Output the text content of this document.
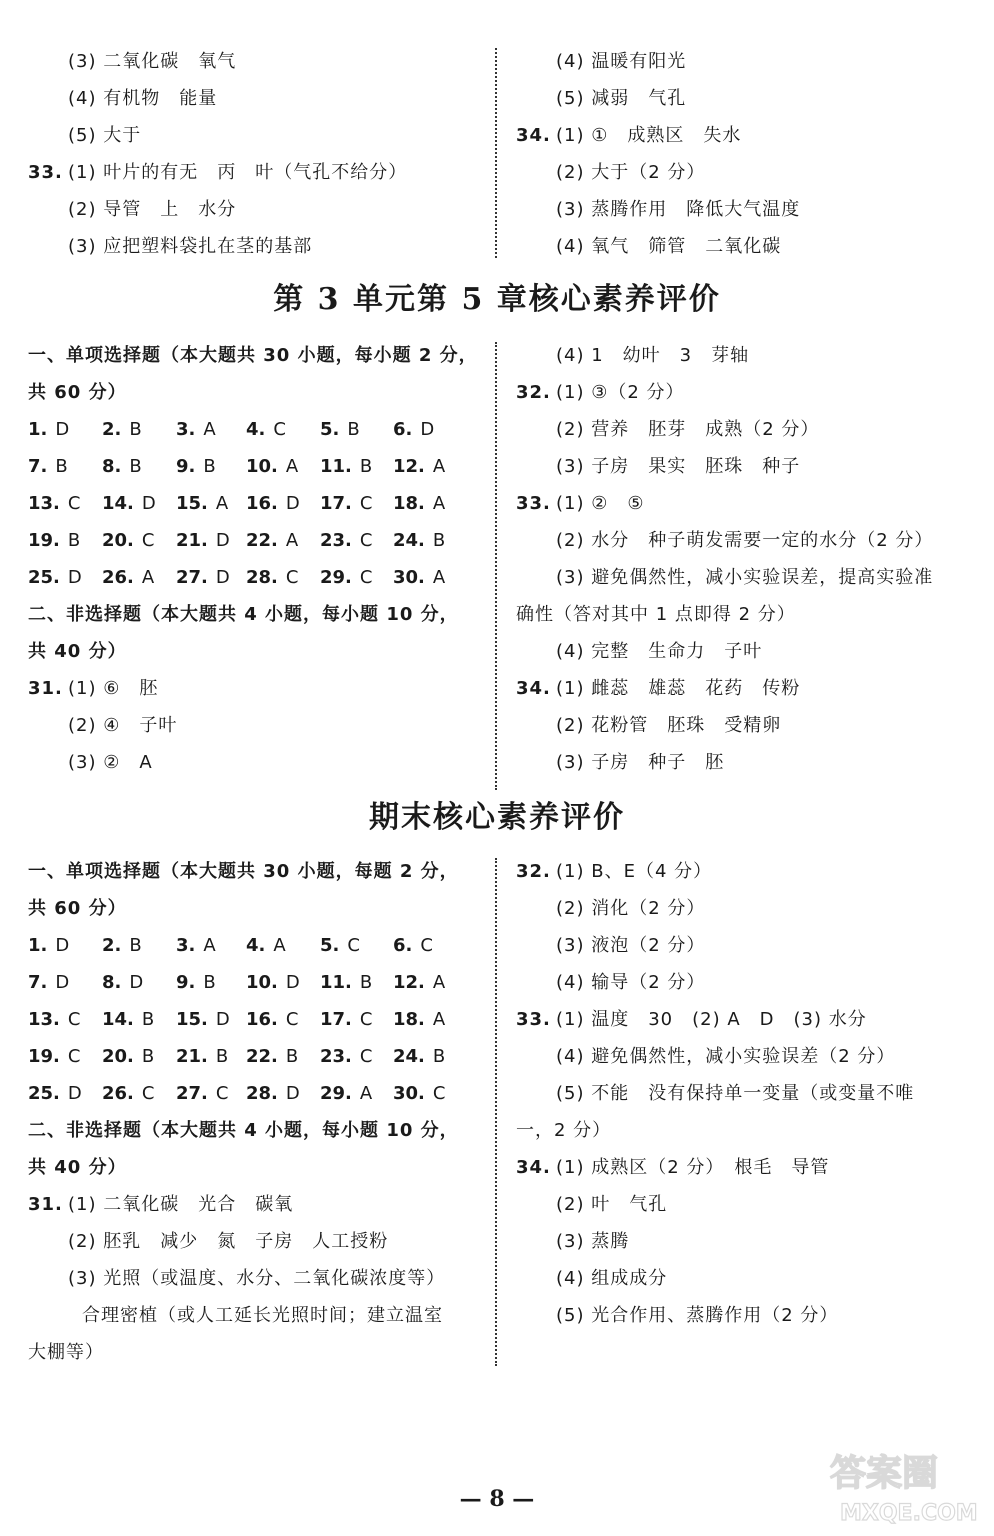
(3) 二氧化碳　氧气
(4) 有机物　能量
(5) 大于
33. (1) 叶片的有无　丙　叶（气孔不给分）
(2) 导管　上　水分
(3) 应把塑料袋扎在茎的基部
(4) 温暖有阳光
(5) 减弱　气孔
34. (1) ①　成熟区　失水
(2) 大于（2 分）
(3) 蒸腾作用　降低大气温度
(4) 氧气　筛管　二氧化碳
第 3 单元第 5 章核心素养评价
一、单项选择题（本大题共 30 小题，每小题 2 分，
共 60 分）
1. D 2. B 3. A 4. C 5. B 6. D
7. B 8. B 9. B 10. A 11. B 12. A
13. C 14. D 15. A 16. D 17. C 18. A
19. B 20. C 21. D 22. A 23. C 24. B
25. D 26. A 27. D 28. C 29. C 30. A
二、非选择题（本大题共 4 小题，每小题 10 分，
共 40 分）
31. (1) ⑥　胚
(2) ④　子叶
(3) ②　A
(4) 1　幼叶　3　芽轴
32. (1) ③（2 分）
(2) 营养　胚芽　成熟（2 分）
(3) 子房　果实　胚珠　种子
33. (1) ②　⑤
(2) 水分　种子萌发需要一定的水分（2 分）
(3) 避免偶然性，减小实验误差，提高实验准
确性（答对其中 1 点即得 2 分）
(4) 完整　生命力　子叶
34. (1) 雌蕊　雄蕊　花药　传粉
(2) 花粉管　胚珠　受精卵
(3) 子房　种子　胚
期末核心素养评价
一、单项选择题（本大题共 30 小题，每题 2 分，
共 60 分）
1. D 2. B 3. A 4. A 5. C 6. C
7. D 8. D 9. B 10. D 11. B 12. A
13. C 14. B 15. D 16. C 17. C 18. A
19. C 20. B 21. B 22. B 23. C 24. B
25. D 26. C 27. C 28. D 29. A 30. C
二、非选择题（本大题共 4 小题，每小题 10 分，
共 40 分）
31. (1) 二氧化碳　光合　碳氧
(2) 胚乳　减少　氮　子房　人工授粉
(3) 光照（或温度、水分、二氧化碳浓度等）
合理密植（或人工延长光照时间；建立温室
大棚等）
32. (1) B、E（4 分）
(2) 消化（2 分）
(3) 液泡（2 分）
(4) 输导（2 分）
33. (1) 温度　30　(2) A　D　(3) 水分
(4) 避免偶然性，减小实验误差（2 分）
(5) 不能　没有保持单一变量（或变量不唯
一，2 分）
34. (1) 成熟区（2 分）　根毛　导管
(2) 叶　气孔
(3) 蒸腾
(4) 组成成分
(5) 光合作用、蒸腾作用（2 分）
答案圈
MXQE.COM
— 8 —
